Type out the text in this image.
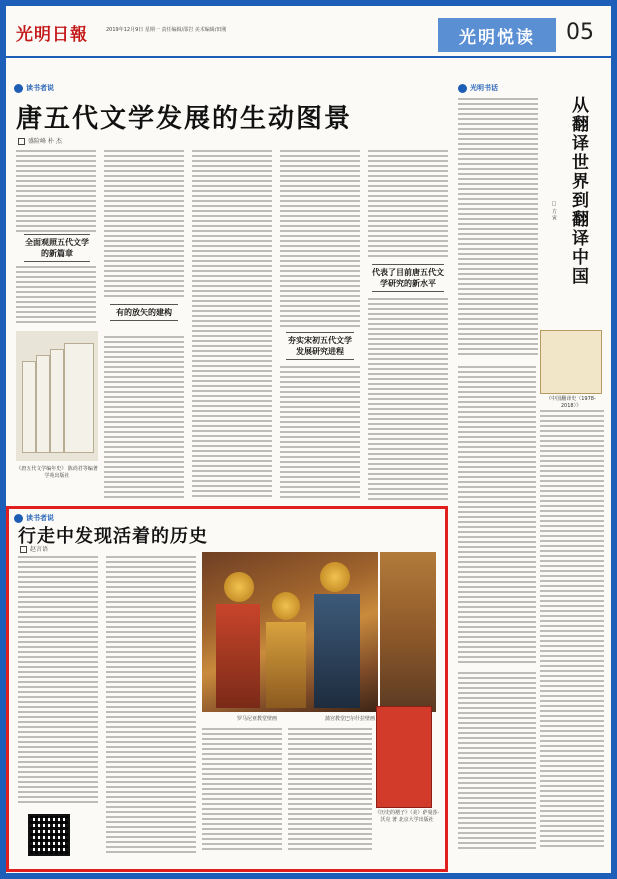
光明日報	2019年12月9日 星期一 责任编辑/邵岩 美术编辑/田刚	光明悦读	05
读书者说
唐五代文学发展的生动图景
盛险峰 朴 杰
全面观照五代文学的新篇章
《唐五代文学编年史》 陈尚君等编著 学苑出版社
有的放矢的建构
夯实宋初五代文学发展研究进程
代表了目前唐五代文学研究的新水平
光明书话
从翻译世界到翻译中国
□ 方 寅
《中国翻译史（1978-2018）》
读书者说
行走中发现活着的历史
赵言语
罗马尼亚教堂壁画	蒲宫教堂巴尔什拉壁画
《历史的褶子》（美）萨曼莎·沃克 著 北京大学出版社
